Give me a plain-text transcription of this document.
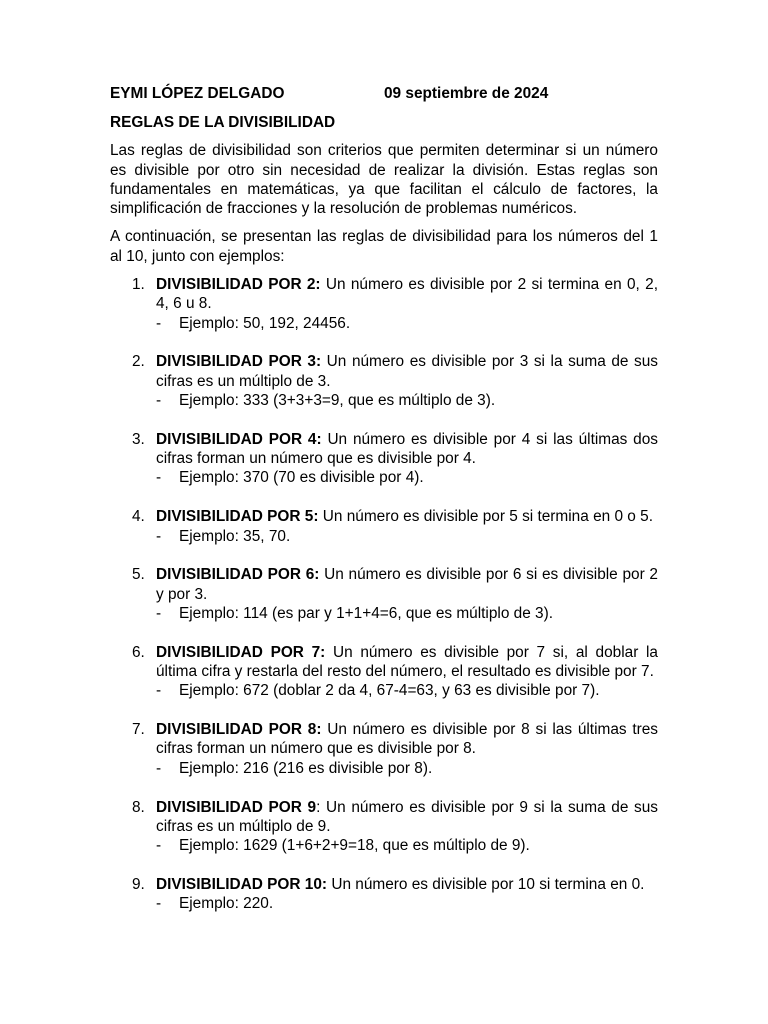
EYMI LÓPEZ DELGADO	09 septiembre de 2024
REGLAS DE LA DIVISIBILIDAD

Las reglas de divisibilidad son criterios que permiten determinar si un número es divisible por otro sin necesidad de realizar la división. Estas reglas son fundamentales en matemáticas, ya que facilitan el cálculo de factores, la simplificación de fracciones y la resolución de problemas numéricos.

A continuación, se presentan las reglas de divisibilidad para los números del 1 al 10, junto con ejemplos:

1. DIVISIBILIDAD POR 2: Un número es divisible por 2 si termina en 0, 2, 4, 6 u 8.
- Ejemplo: 50, 192, 24456.
2. DIVISIBILIDAD POR 3: Un número es divisible por 3 si la suma de sus cifras es un múltiplo de 3.
- Ejemplo: 333 (3+3+3=9, que es múltiplo de 3).
3. DIVISIBILIDAD POR 4: Un número es divisible por 4 si las últimas dos cifras forman un número que es divisible por 4.
- Ejemplo: 370 (70 es divisible por 4).
4. DIVISIBILIDAD POR 5: Un número es divisible por 5 si termina en 0 o 5.
- Ejemplo: 35, 70.
5. DIVISIBILIDAD POR 6: Un número es divisible por 6 si es divisible por 2 y por 3.
- Ejemplo: 114 (es par y 1+1+4=6, que es múltiplo de 3).
6. DIVISIBILIDAD POR 7: Un número es divisible por 7 si, al doblar la última cifra y restarla del resto del número, el resultado es divisible por 7.
- Ejemplo: 672 (doblar 2 da 4, 67-4=63, y 63 es divisible por 7).
7. DIVISIBILIDAD POR 8: Un número es divisible por 8 si las últimas tres cifras forman un número que es divisible por 8.
- Ejemplo: 216 (216 es divisible por 8).
8. DIVISIBILIDAD POR 9: Un número es divisible por 9 si la suma de sus cifras es un múltiplo de 9.
- Ejemplo: 1629 (1+6+2+9=18, que es múltiplo de 9).
9. DIVISIBILIDAD POR 10: Un número es divisible por 10 si termina en 0.
- Ejemplo: 220.
